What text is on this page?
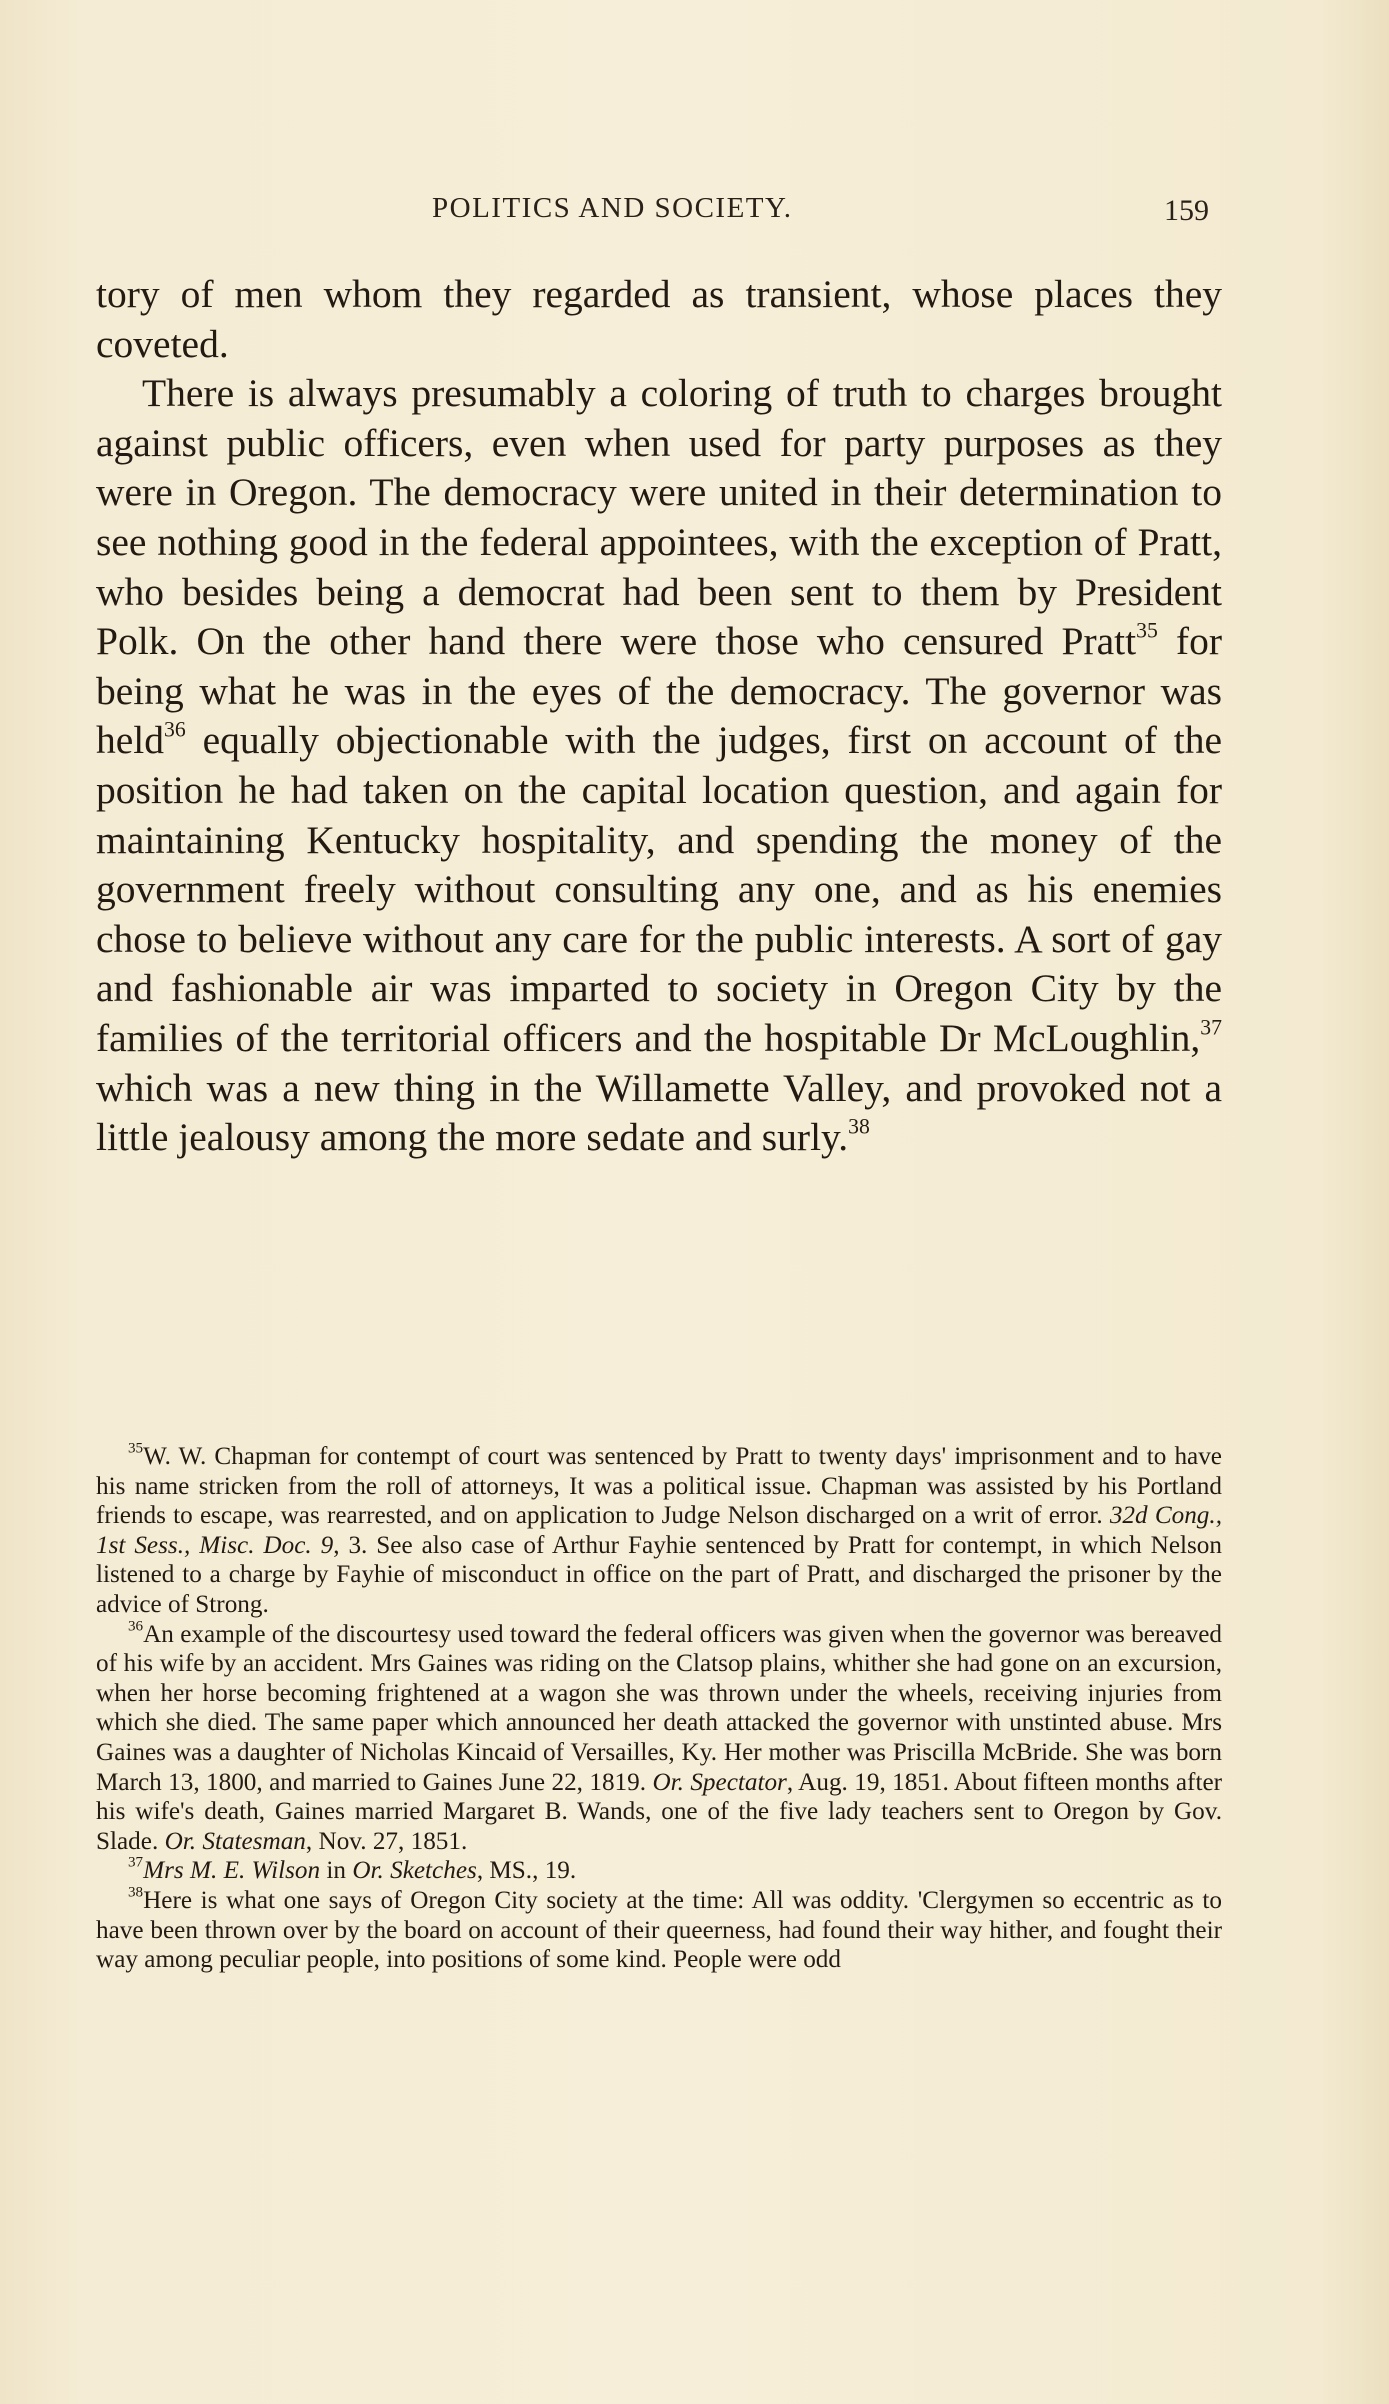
POLITICS AND SOCIETY.	159

tory of men whom they regarded as transient, whose places they coveted.

There is always presumably a coloring of truth to charges brought against public officers, even when used for party purposes as they were in Oregon. The democracy were united in their determination to see nothing good in the federal appointees, with the exception of Pratt, who besides being a democrat had been sent to them by President Polk. On the other hand there were those who censured Pratt$^{35}$ for being what he was in the eyes of the democracy. The governor was held$^{36}$ equally objectionable with the judges, first on account of the position he had taken on the capital location question, and again for maintaining Kentucky hospitality, and spending the money of the government freely without consulting any one, and as his enemies chose to believe without any care for the public interests. A sort of gay and fashionable air was imparted to society in Oregon City by the families of the territorial officers and the hospitable Dr McLoughlin,$^{37}$ which was a new thing in the Willamette Valley, and provoked not a little jealousy among the more sedate and surly.$^{38}$

$^{35}$W. W. Chapman for contempt of court was sentenced by Pratt to twenty days' imprisonment and to have his name stricken from the roll of attorneys, It was a political issue. Chapman was assisted by his Portland friends to escape, was rearrested, and on application to Judge Nelson discharged on a writ of error. 32d Cong., 1st Sess., Misc. Doc. 9, 3. See also case of Arthur Fayhie sentenced by Pratt for contempt, in which Nelson listened to a charge by Fayhie of misconduct in office on the part of Pratt, and discharged the prisoner by the advice of Strong.

$^{36}$An example of the discourtesy used toward the federal officers was given when the governor was bereaved of his wife by an accident. Mrs Gaines was riding on the Clatsop plains, whither she had gone on an excursion, when her horse becoming frightened at a wagon she was thrown under the wheels, receiving injuries from which she died. The same paper which announced her death attacked the governor with unstinted abuse. Mrs Gaines was a daughter of Nicholas Kincaid of Versailles, Ky. Her mother was Priscilla McBride. She was born March 13, 1800, and married to Gaines June 22, 1819. Or. Spectator, Aug. 19, 1851. About fifteen months after his wife's death, Gaines married Margaret B. Wands, one of the five lady teachers sent to Oregon by Gov. Slade. Or. Statesman, Nov. 27, 1851.

$^{37}$Mrs M. E. Wilson in Or. Sketches, MS., 19.

$^{38}$Here is what one says of Oregon City society at the time: All was oddity. 'Clergymen so eccentric as to have been thrown over by the board on account of their queerness, had found their way hither, and fought their way among peculiar people, into positions of some kind. People were odd
